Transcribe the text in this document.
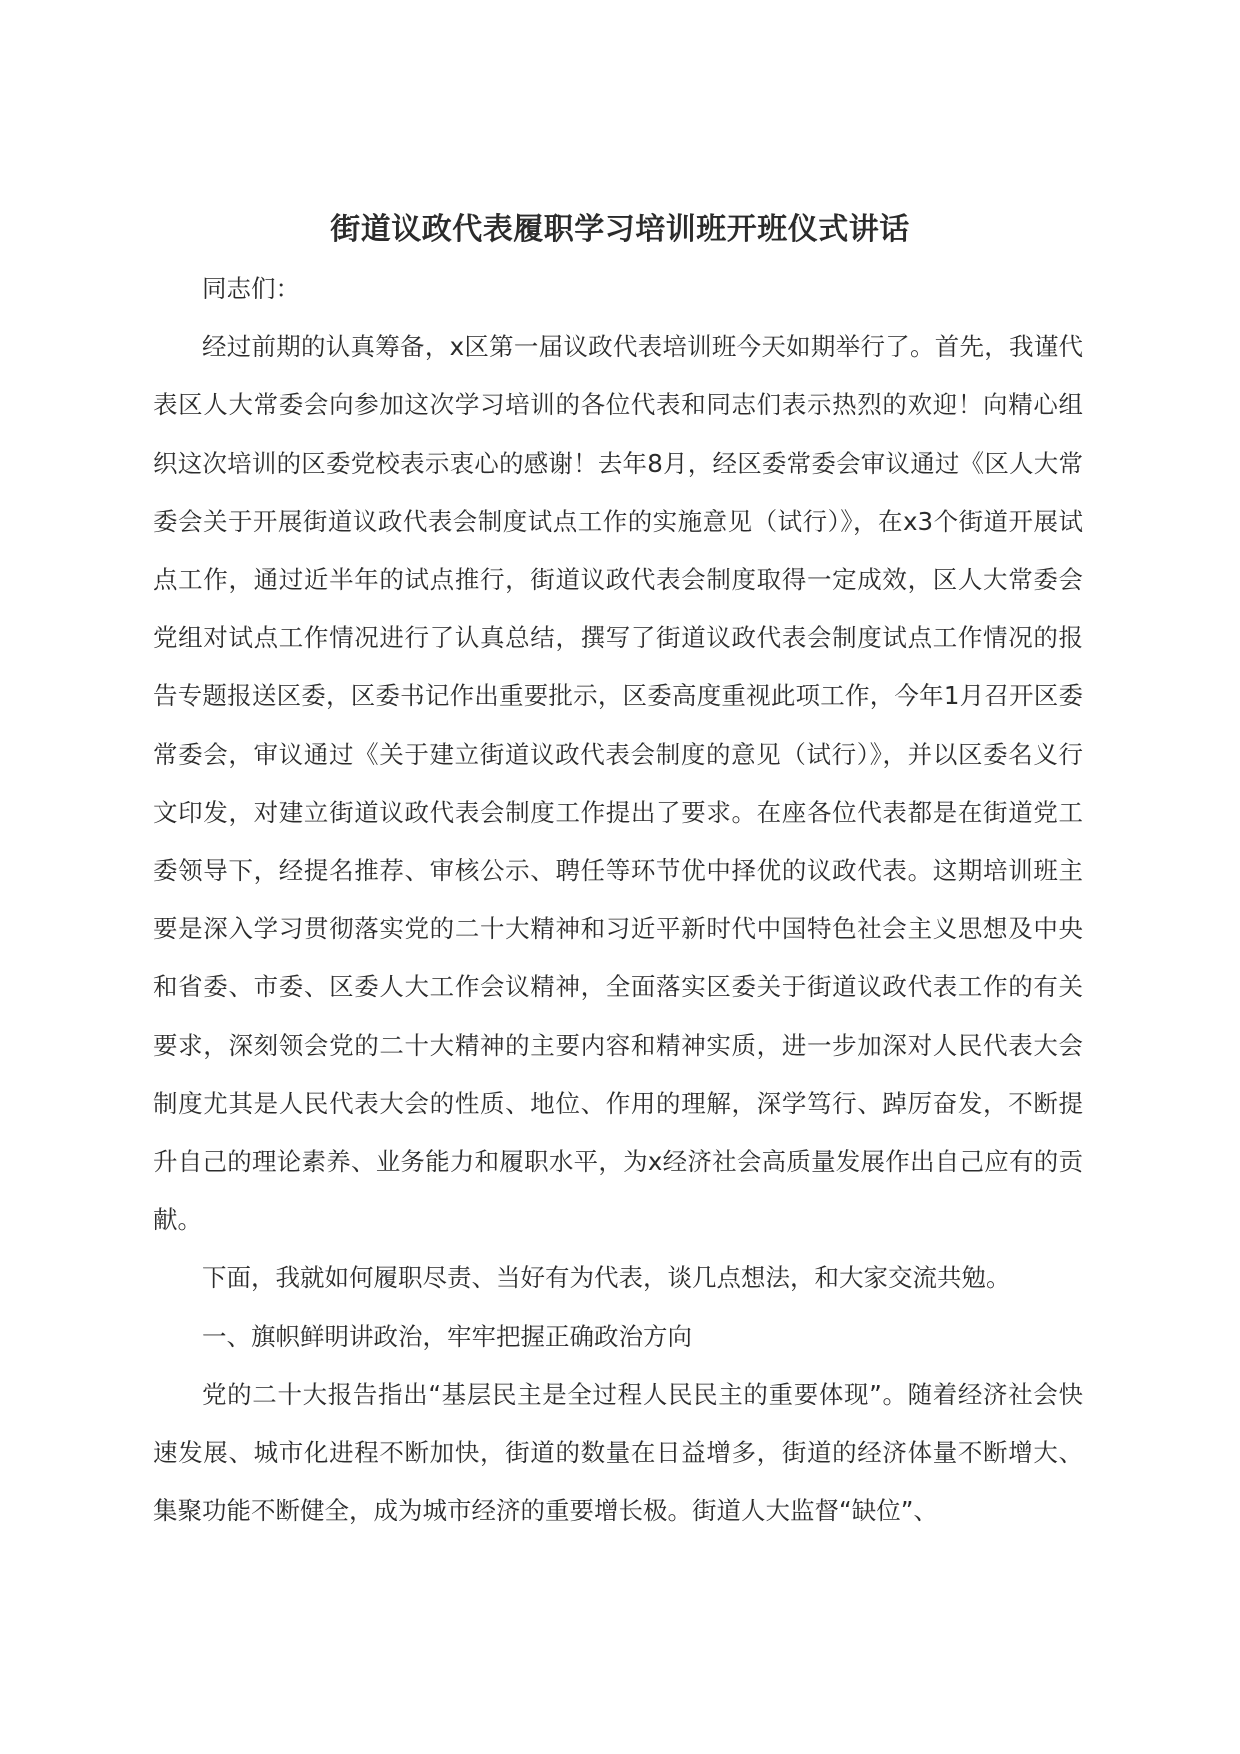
街道议政代表履职学习培训班开班仪式讲话

同志们：

经过前期的认真筹备，x区第一届议政代表培训班今天如期举行了。首先，我谨代表区人大常委会向参加这次学习培训的各位代表和同志们表示热烈的欢迎！向精心组织这次培训的区委党校表示衷心的感谢！去年8月，经区委常委会审议通过《区人大常委会关于开展街道议政代表会制度试点工作的实施意见（试行）》，在x3个街道开展试点工作，通过近半年的试点推行，街道议政代表会制度取得一定成效，区人大常委会党组对试点工作情况进行了认真总结，撰写了街道议政代表会制度试点工作情况的报告专题报送区委，区委书记作出重要批示，区委高度重视此项工作，今年1月召开区委常委会，审议通过《关于建立街道议政代表会制度的意见（试行）》，并以区委名义行文印发，对建立街道议政代表会制度工作提出了要求。在座各位代表都是在街道党工委领导下，经提名推荐、审核公示、聘任等环节优中择优的议政代表。这期培训班主要是深入学习贯彻落实党的二十大精神和习近平新时代中国特色社会主义思想及中央和省委、市委、区委人大工作会议精神，全面落实区委关于街道议政代表工作的有关要求，深刻领会党的二十大精神的主要内容和精神实质，进一步加深对人民代表大会制度尤其是人民代表大会的性质、地位、作用的理解，深学笃行、踔厉奋发，不断提升自己的理论素养、业务能力和履职水平，为x经济社会高质量发展作出自己应有的贡献。

下面，我就如何履职尽责、当好有为代表，谈几点想法，和大家交流共勉。

一、旗帜鲜明讲政治，牢牢把握正确政治方向

党的二十大报告指出“基层民主是全过程人民民主的重要体现”。随着经济社会快速发展、城市化进程不断加快，街道的数量在日益增多，街道的经济体量不断增大、集聚功能不断健全，成为城市经济的重要增长极。街道人大监督“缺位”、
